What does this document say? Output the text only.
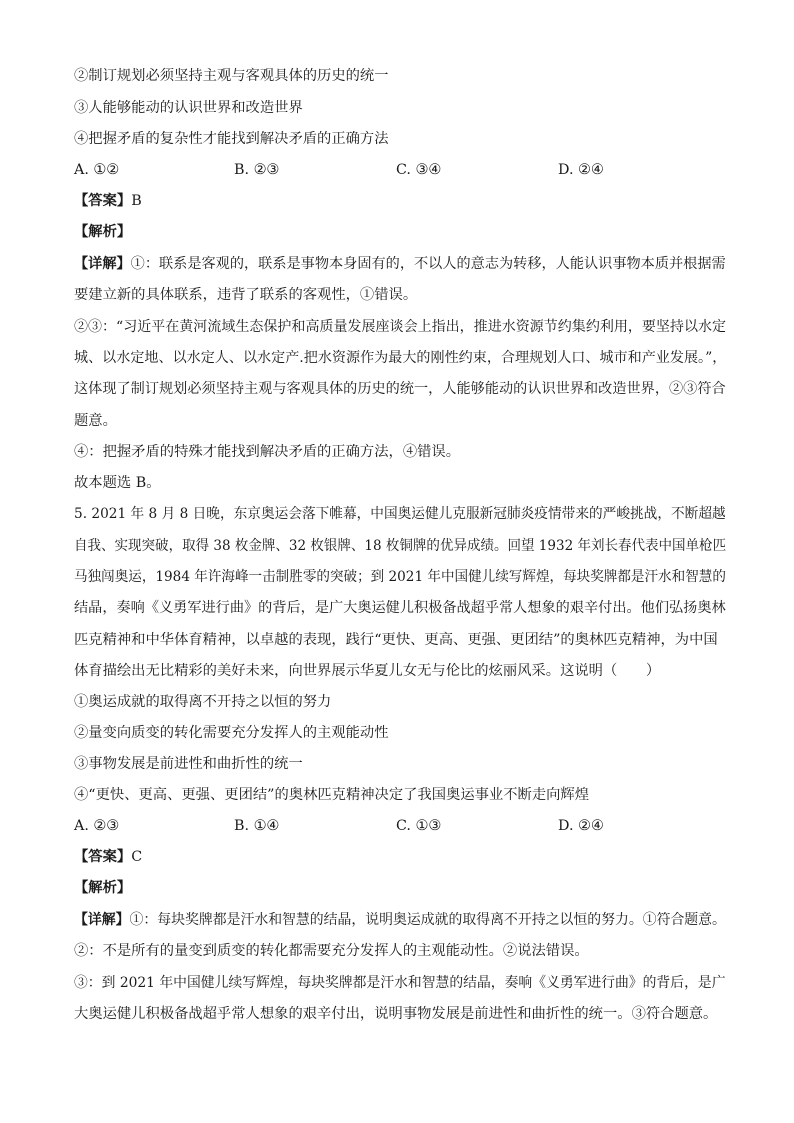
②制订规划必须坚持主观与客观具体的历史的统一
③人能够能动的认识世界和改造世界
④把握矛盾的复杂性才能找到解决矛盾的正确方法
A. ①②	B. ②③	C. ③④	D. ②④
【答案】B
【解析】
【详解】①：联系是客观的，联系是事物本身固有的，不以人的意志为转移，人能认识事物本质并根据需
要建立新的具体联系，违背了联系的客观性，①错误。
②③：“习近平在黄河流域生态保护和高质量发展座谈会上指出，推进水资源节约集约利用，要坚持以水定
城、以水定地、以水定人、以水定产.把水资源作为最大的刚性约束，合理规划人口、城市和产业发展。”，
这体现了制订规划必须坚持主观与客观具体的历史的统一，人能够能动的认识世界和改造世界，②③符合
题意。
④：把握矛盾的特殊才能找到解决矛盾的正确方法，④错误。
故本题选 B。
5. 2021 年 8 月 8 日晚，东京奥运会落下帷幕，中国奥运健儿克服新冠肺炎疫情带来的严峻挑战，不断超越
自我、实现突破，取得 38 枚金牌、32 枚银牌、18 枚铜牌的优异成绩。回望 1932 年刘长春代表中国单枪匹
马独闯奥运，1984 年许海峰一击制胜零的突破；到 2021 年中国健儿续写辉煌，每块奖牌都是汗水和智慧的
结晶，奏响《义勇军进行曲》的背后，是广大奥运健儿积极备战超乎常人想象的艰辛付出。他们弘扬奥林
匹克精神和中华体育精神，以卓越的表现，践行“更快、更高、更强、更团结”的奥林匹克精神，为中国
体育描绘出无比精彩的美好未来，向世界展示华夏儿女无与伦比的炫丽风采。这说明（　　）
①奥运成就的取得离不开持之以恒的努力
②量变向质变的转化需要充分发挥人的主观能动性
③事物发展是前进性和曲折性的统一
④“更快、更高、更强、更团结”的奥林匹克精神决定了我国奥运事业不断走向辉煌
A. ②③	B. ①④	C. ①③	D. ②④
【答案】C
【解析】
【详解】①：每块奖牌都是汗水和智慧的结晶，说明奥运成就的取得离不开持之以恒的努力。①符合题意。
②：不是所有的量变到质变的转化都需要充分发挥人的主观能动性。②说法错误。
③：到 2021 年中国健儿续写辉煌，每块奖牌都是汗水和智慧的结晶，奏响《义勇军进行曲》的背后，是广
大奥运健儿积极备战超乎常人想象的艰辛付出，说明事物发展是前进性和曲折性的统一。③符合题意。
